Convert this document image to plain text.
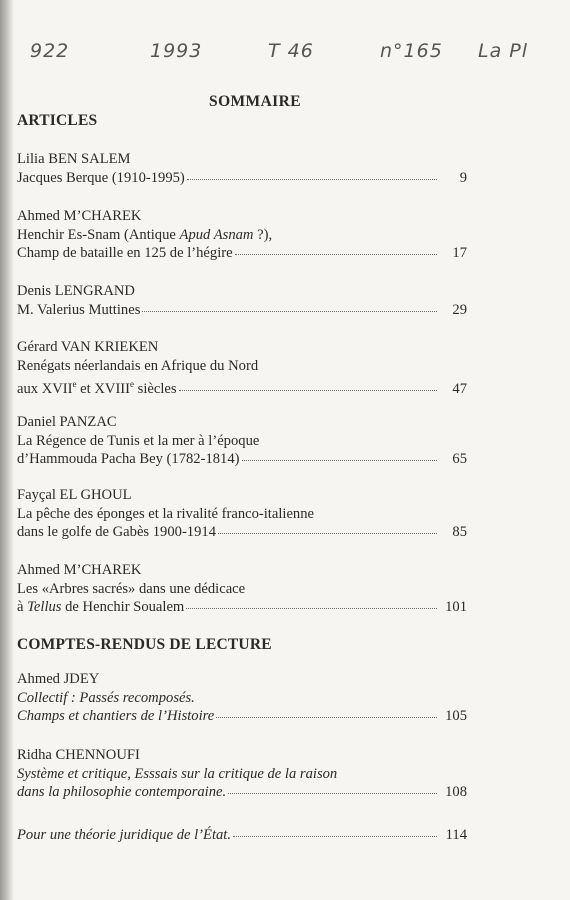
922	1993	T 46	n°165 La Pl
SOMMAIRE
ARTICLES
Lilia BEN SALEM
Jacques Berque (1910-1995)	9
Ahmed M’CHAREK
Henchir Es-Snam (Antique Apud Asnam ?),
Champ de bataille en 125 de l’hégire	17
Denis LENGRAND
M. Valerius Muttines	29
Gérard VAN KRIEKEN
Renégats néerlandais en Afrique du Nord
aux XVIIe et XVIIIe siècles	47
Daniel PANZAC
La Régence de Tunis et la mer à l’époque
d’Hammouda Pacha Bey (1782-1814)	65
Fayçal EL GHOUL
La pêche des éponges et la rivalité franco-italienne
dans le golfe de Gabès 1900-1914	85
Ahmed M’CHAREK
Les «Arbres sacrés» dans une dédicace
à Tellus de Henchir Soualem	101
COMPTES-RENDUS DE LECTURE
Ahmed JDEY
Collectif : Passés recomposés.
Champs et chantiers de l’Histoire	105
Ridha CHENNOUFI
Système et critique, Esssais sur la critique de la raison
dans la philosophie contemporaine.	108
Pour une théorie juridique de l’État.	114
